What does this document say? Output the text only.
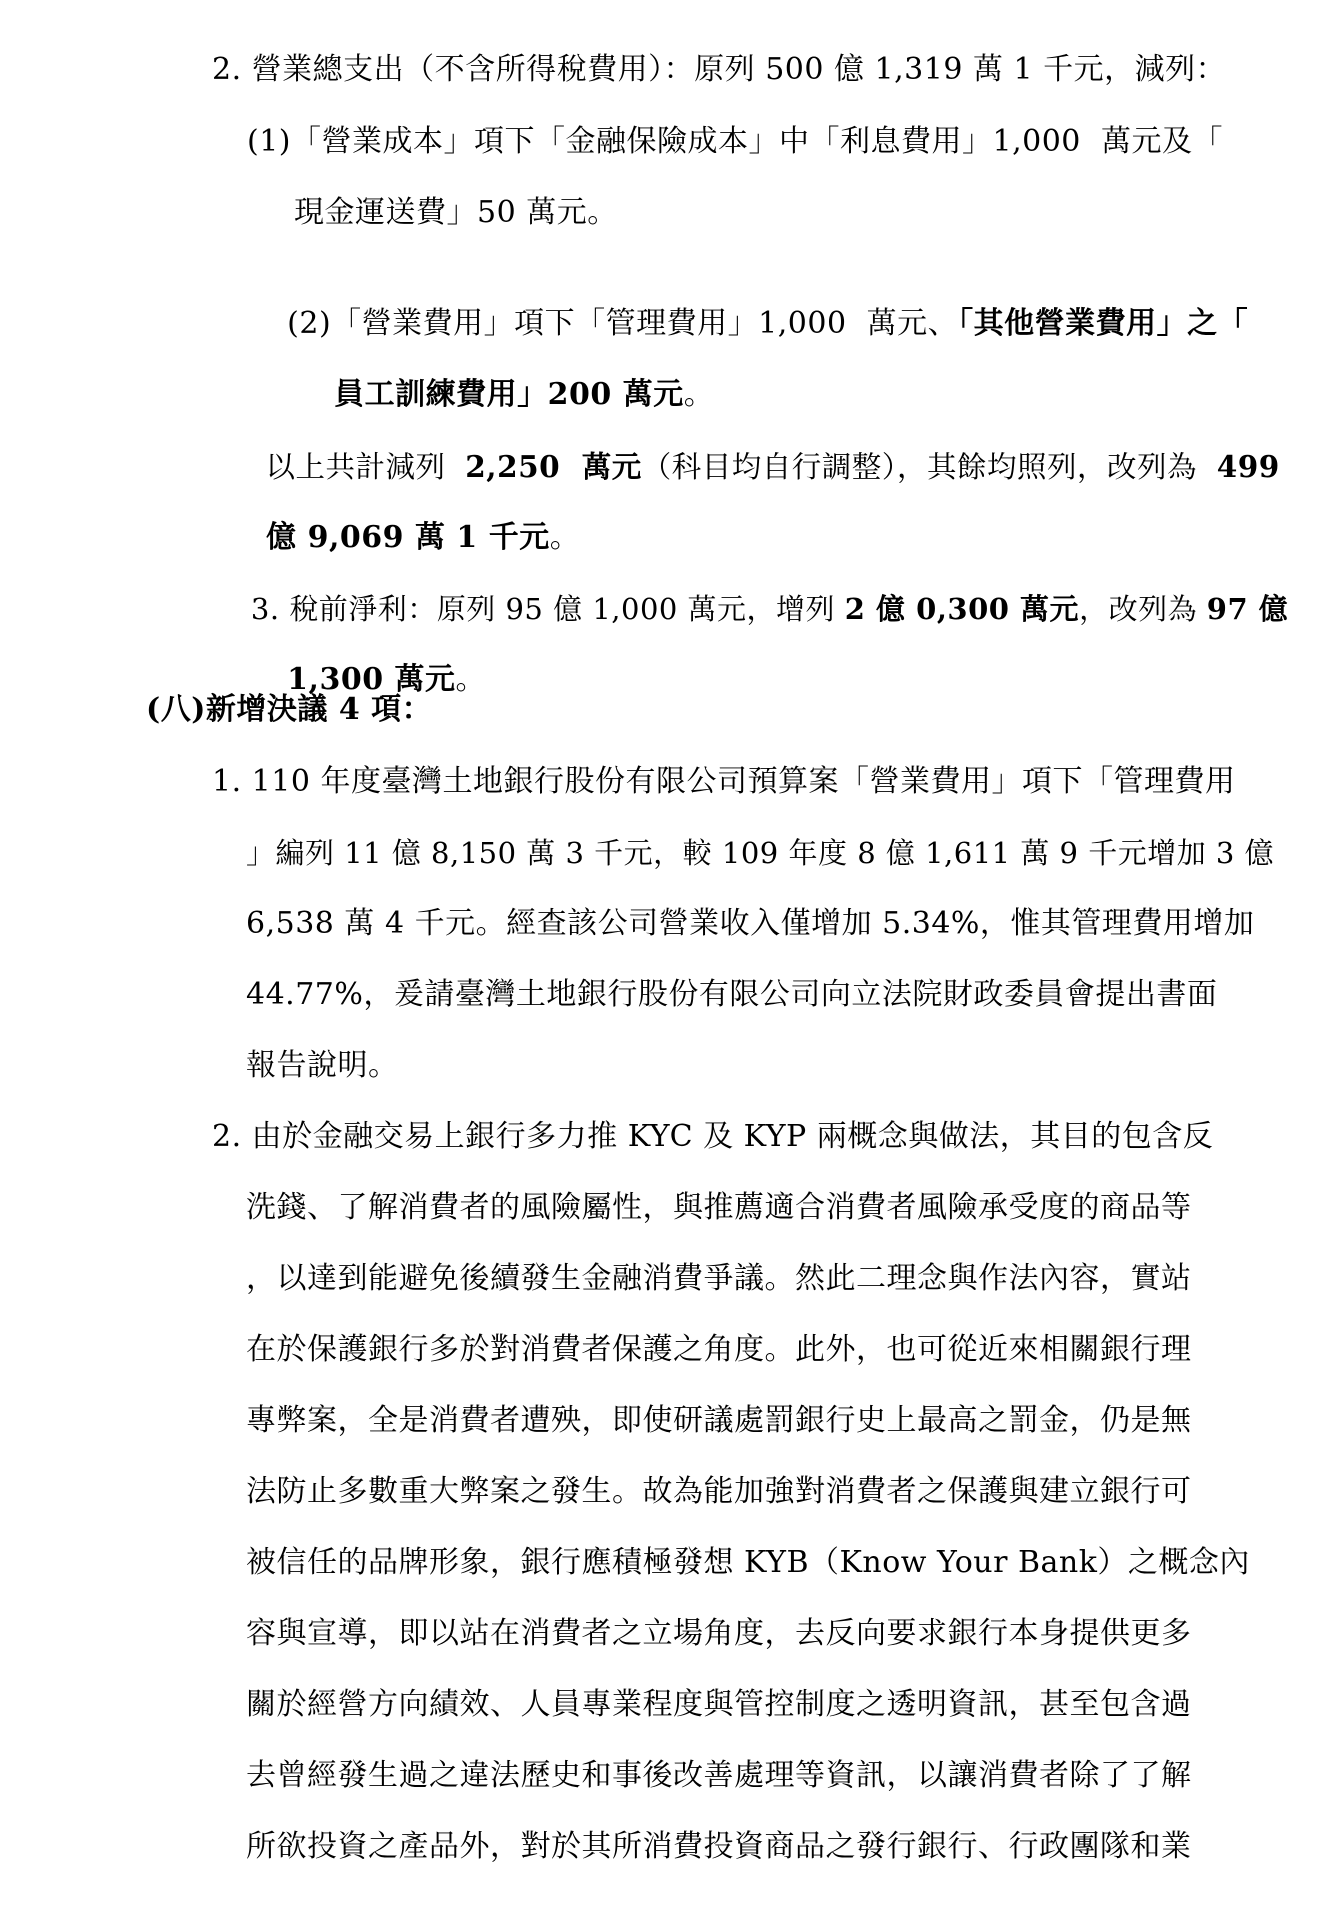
2. 營業總支出（不含所得稅費用）：原列 500 億 1,319 萬 1 千元，減列：
(1)「營業成本」項下「金融保險成本」中「利息費用」1,000  萬元及「
現金運送費」50 萬元。

(2)「營業費用」項下「管理費用」1,000  萬元、「其他營業費用」之「

員工訓練費用」200 萬元。

以上共計減列  2,250  萬元（科目均自行調整），其餘均照列，改列為  499

億 9,069 萬 1 千元。

3. 稅前淨利：原列 95 億 1,000 萬元，增列 2 億 0,300 萬元，改列為 97 億

1,300 萬元。

(八)新增決議 4 項：
1. 110 年度臺灣土地銀行股份有限公司預算案「營業費用」項下「管理費用
」編列 11 億 8,150 萬 3 千元，較 109 年度 8 億 1,611 萬 9 千元增加 3 億
6,538 萬 4 千元。經查該公司營業收入僅增加 5.34%，惟其管理費用增加
44.77%，爰請臺灣土地銀行股份有限公司向立法院財政委員會提出書面
報告說明。
2. 由於金融交易上銀行多力推 KYC 及 KYP 兩概念與做法，其目的包含反
洗錢、了解消費者的風險屬性，與推薦適合消費者風險承受度的商品等
，以達到能避免後續發生金融消費爭議。然此二理念與作法內容，實站
在於保護銀行多於對消費者保護之角度。此外，也可從近來相關銀行理
專弊案，全是消費者遭殃，即使研議處罰銀行史上最高之罰金，仍是無
法防止多數重大弊案之發生。故為能加強對消費者之保護與建立銀行可
被信任的品牌形象，銀行應積極發想 KYB（Know Your Bank）之概念內
容與宣導，即以站在消費者之立場角度，去反向要求銀行本身提供更多
關於經營方向績效、人員專業程度與管控制度之透明資訊，甚至包含過
去曾經發生過之違法歷史和事後改善處理等資訊，以讓消費者除了了解
所欲投資之產品外，對於其所消費投資商品之發行銀行、行政團隊和業
